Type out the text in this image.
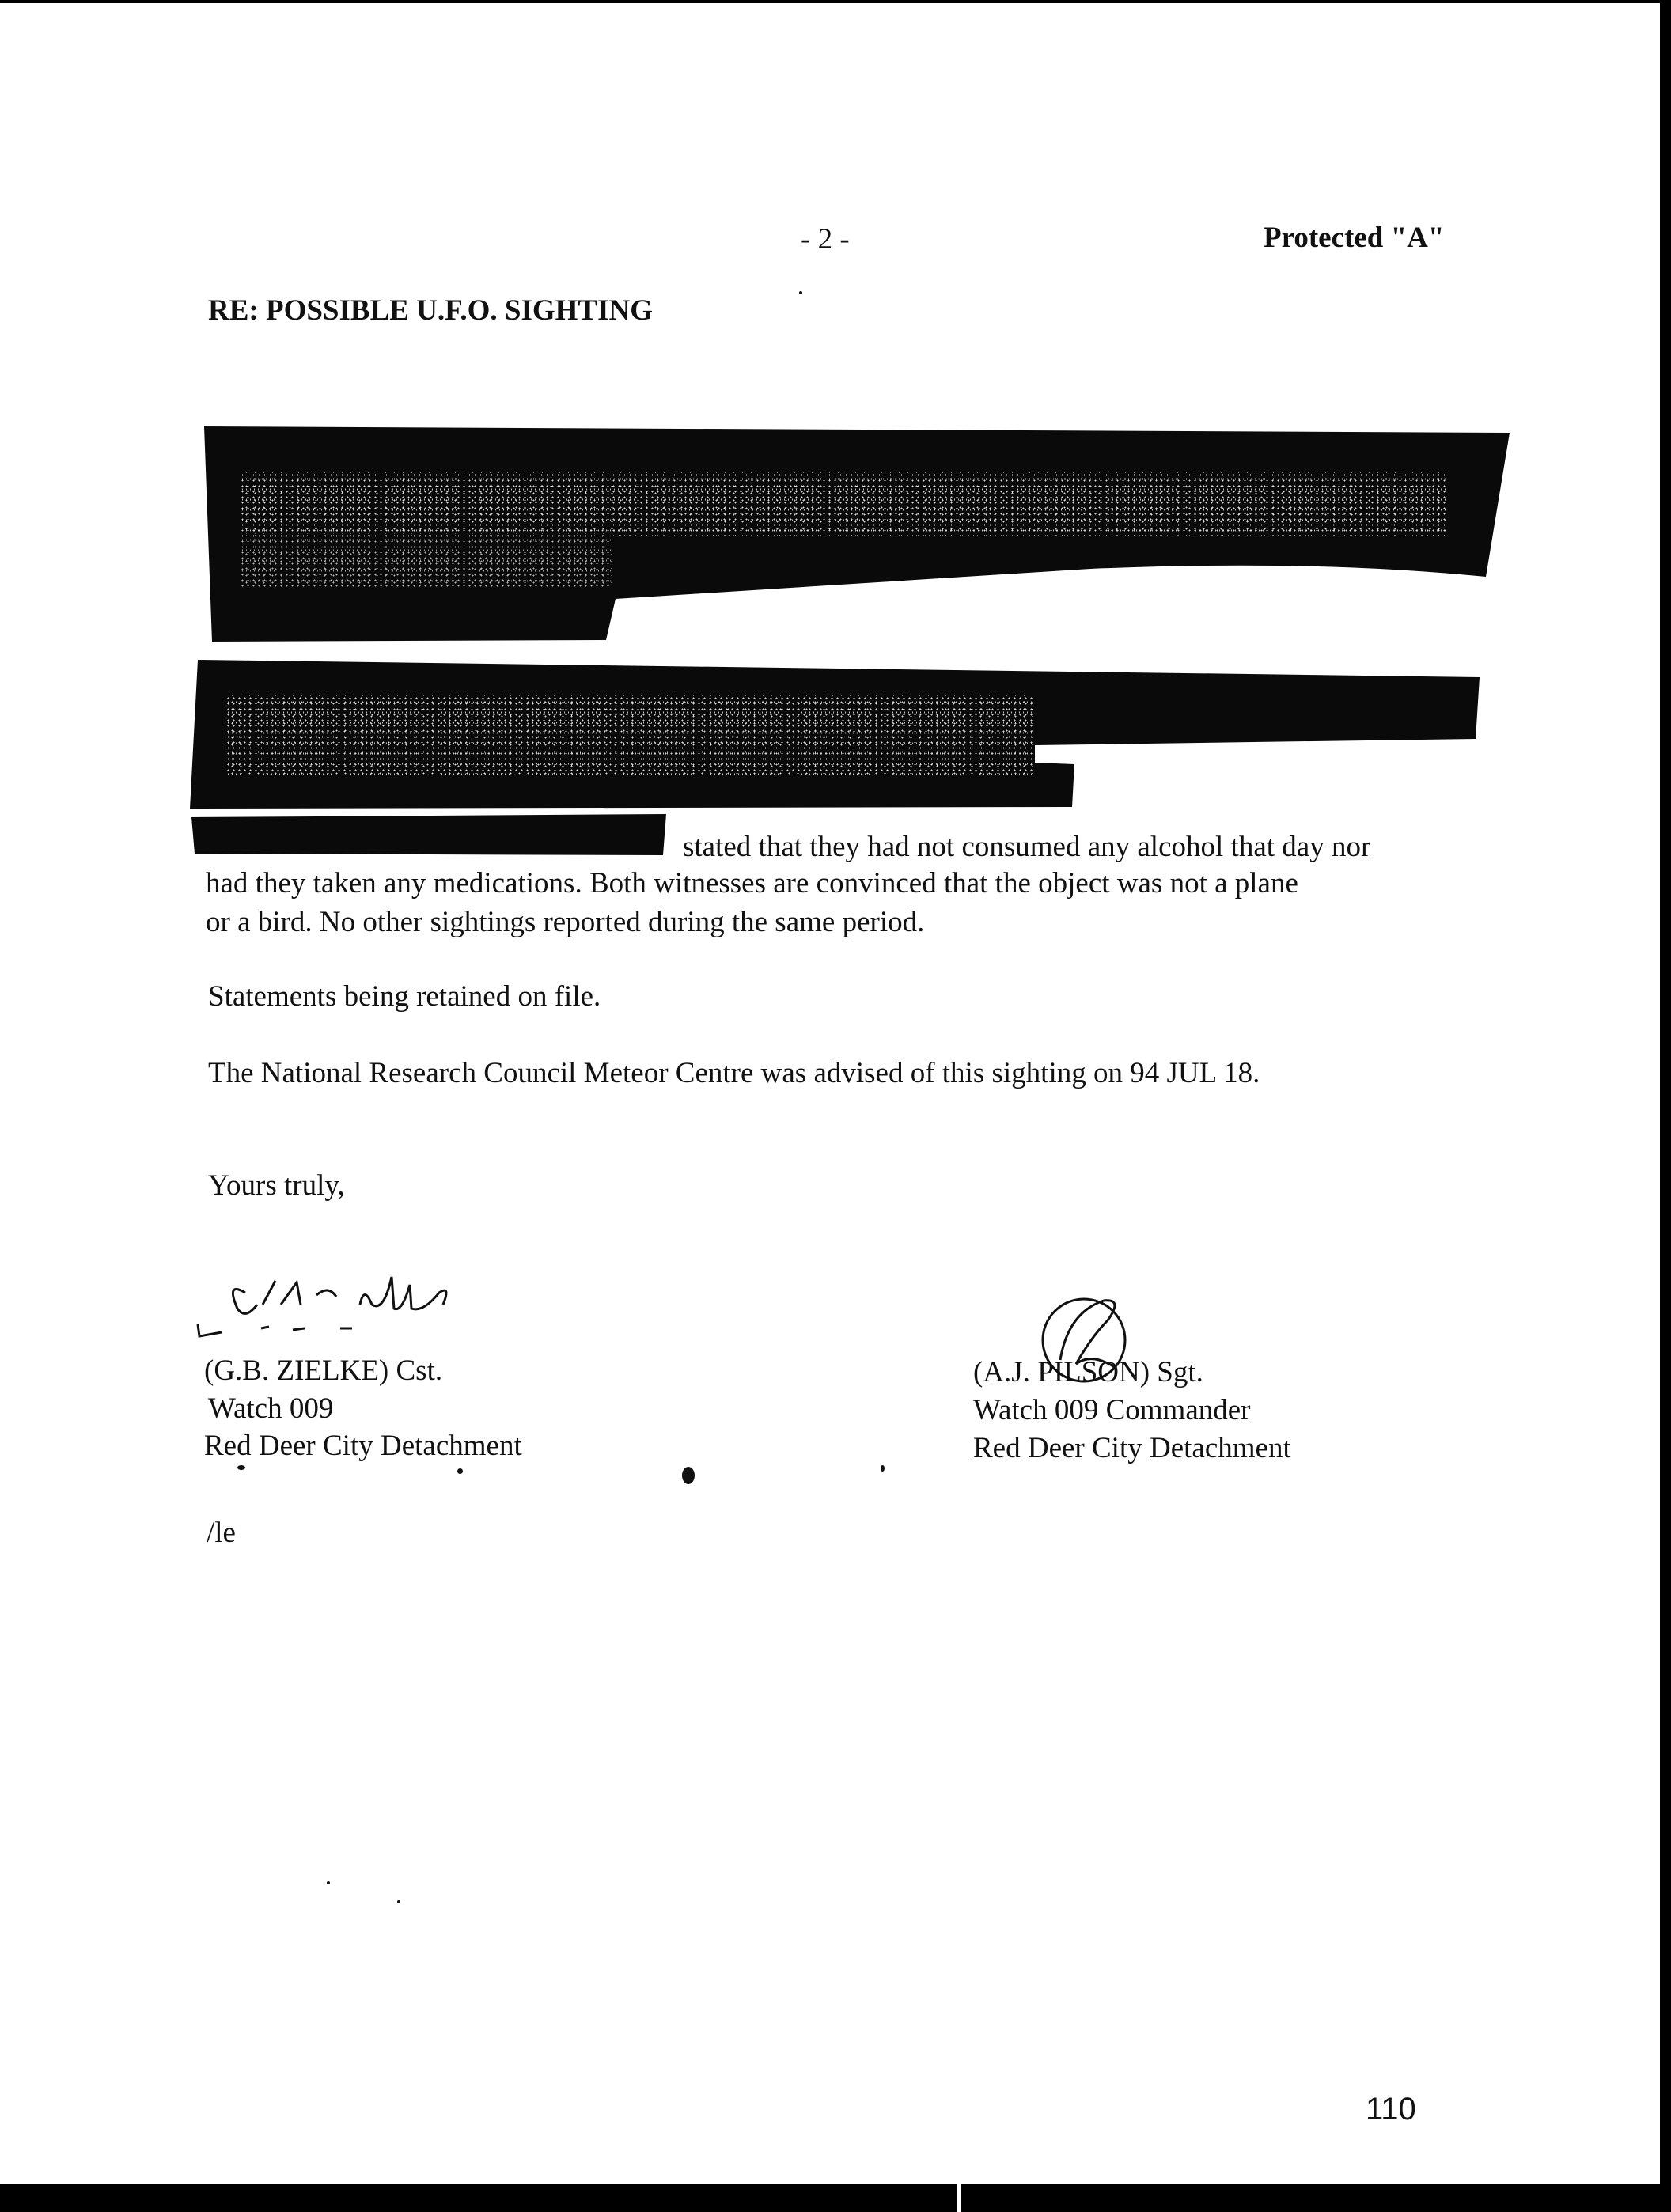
- 2 -	Protected "A"
RE: POSSIBLE U.F.O. SIGHTING
stated that they had not consumed any alcohol that day nor
had they taken any medications. Both witnesses are convinced that the object was not a plane
or a bird. No other sightings reported during the same period.
Statements being retained on file.
The National Research Council Meteor Centre was advised of this sighting on 94 JUL 18.
Yours truly,
(G.B. ZIELKE) Cst.
Watch 009
Red Deer City Detachment
(A.J. PILSON) Sgt.
Watch 009 Commander
Red Deer City Detachment
/le
110
